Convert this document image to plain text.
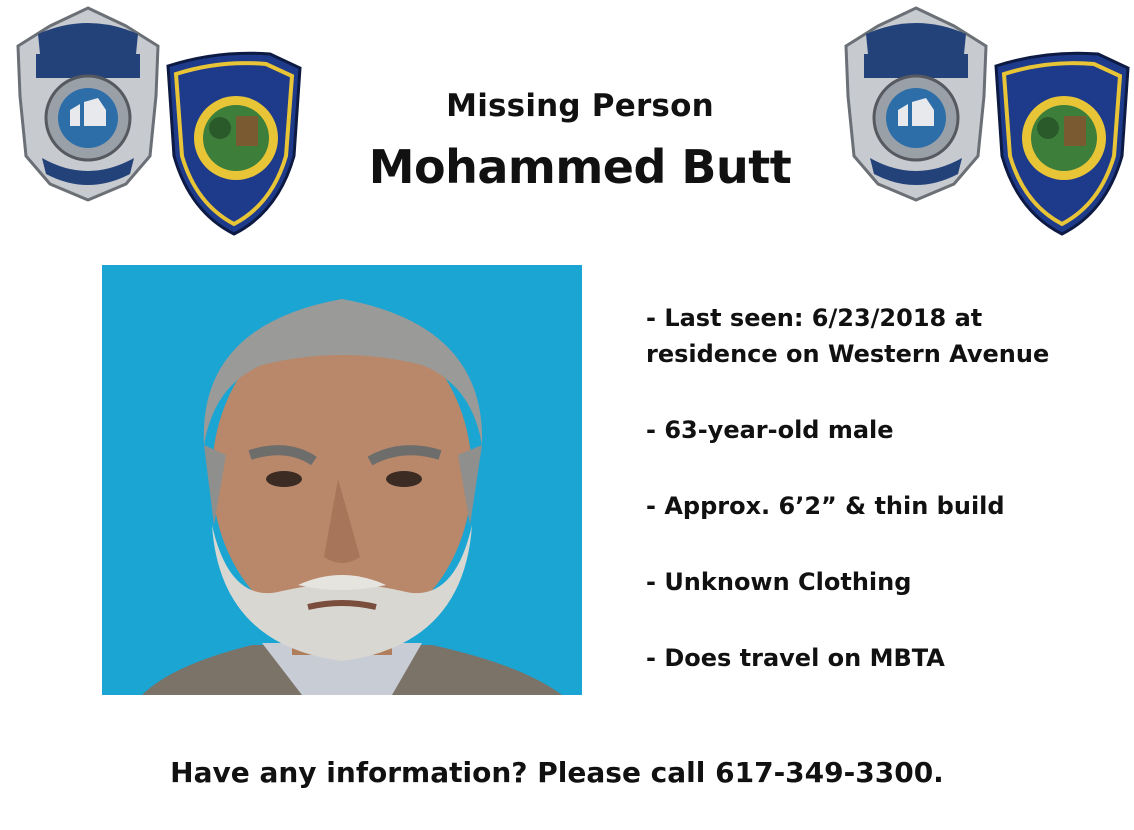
Missing Person
Mohammed Butt
- Last seen: 6/23/2018 at
residence on Western Avenue
- 63-year-old male
- Approx. 6’2” & thin build
- Unknown Clothing
- Does travel on MBTA
Have any information? Please call 617-349-3300.
